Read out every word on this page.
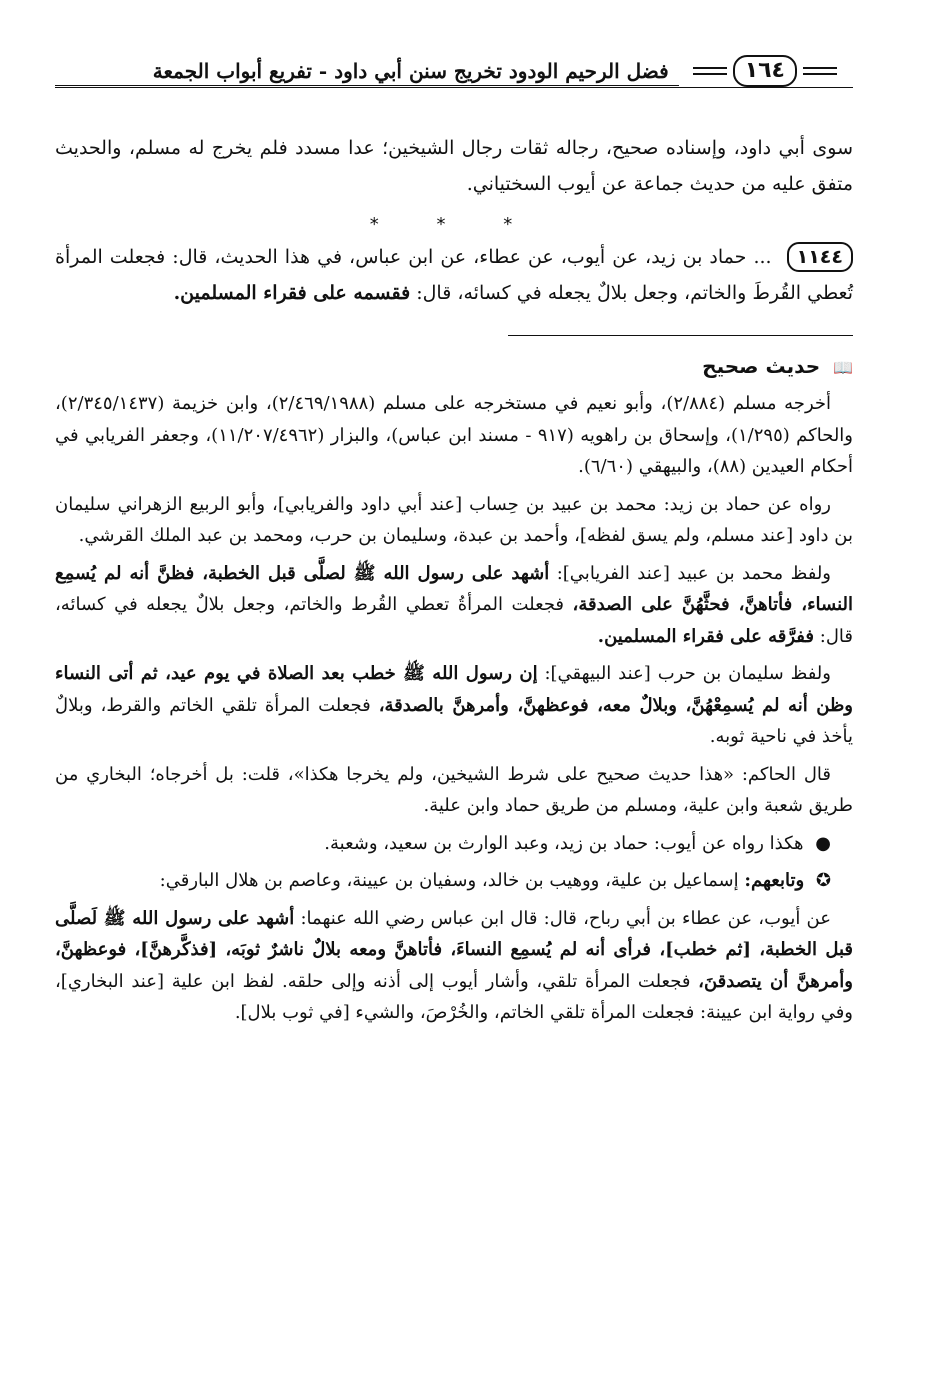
١٦٤
فضل الرحيم الودود تخريج سنن أبي داود - تفريع أبواب الجمعة

سوى أبي داود، وإسناده صحيح، رجاله ثقات رجال الشيخين؛ عدا مسدد فلم يخرج له مسلم، والحديث متفق عليه من حديث جماعة عن أيوب السختياني.

* * *

١١٤٤ ... حماد بن زيد، عن أيوب، عن عطاء، عن ابن عباس، في هذا الحديث، قال: فجعلت المرأة تُعطي القُرطَ والخاتم، وجعل بلالٌ يجعله في كسائه، قال: فقسمه على فقراء المسلمين.

📖 حديث صحيح

أخرجه مسلم (٢/٨٨٤)، وأبو نعيم في مستخرجه على مسلم (٢/٤٦٩/١٩٨٨)، وابن خزيمة (٢/٣٤٥/١٤٣٧)، والحاكم (١/٢٩٥)، وإسحاق بن راهويه (٩١٧ - مسند ابن عباس)، والبزار (١١/٢٠٧/٤٩٦٢)، وجعفر الفريابي في أحكام العيدين (٨٨)، والبيهقي (٦/٦٠).

رواه عن حماد بن زيد: محمد بن عبيد بن حِساب [عند أبي داود والفريابي]، وأبو الربيع الزهراني سليمان بن داود [عند مسلم، ولم يسق لفظه]، وأحمد بن عبدة، وسليمان بن حرب، ومحمد بن عبد الملك القرشي.

ولفظ محمد بن عبيد [عند الفريابي]: أشهد على رسول الله ﷺ لصلَّى قبل الخطبة، فظنَّ أنه لم يُسمِع النساء، فأتاهنَّ، فحثَّهُنَّ على الصدقة، فجعلت المرأةُ تعطي القُرط والخاتم، وجعل بلالٌ يجعله في كسائه، قال: ففرَّقه على فقراء المسلمين.

ولفظ سليمان بن حرب [عند البيهقي]: إن رسول الله ﷺ خطب بعد الصلاة في يوم عيد، ثم أتى النساء وظن أنه لم يُسمِعْهُنَّ، وبلالٌ معه، فوعظهنَّ، وأمرهنَّ بالصدقة، فجعلت المرأة تلقي الخاتم والقرط، وبلالٌ يأخذ في ناحية ثوبه.

قال الحاكم: «هذا حديث صحيح على شرط الشيخين، ولم يخرجا هكذا»، قلت: بل أخرجاه؛ البخاري من طريق شعبة وابن علية، ومسلم من طريق حماد وابن علية.

● هكذا رواه عن أيوب: حماد بن زيد، وعبد الوارث بن سعيد، وشعبة.

✪ وتابعهم: إسماعيل بن علية، ووهيب بن خالد، وسفيان بن عيينة، وعاصم بن هلال البارقي:

عن أيوب، عن عطاء بن أبي رباح، قال: قال ابن عباس رضي الله عنهما: أشهد على رسول الله ﷺ لَصلَّى قبل الخطبة، [ثم خطب]، فرأى أنه لم يُسمِع النساءَ، فأتاهنَّ ومعه بلالٌ ناشرٌ ثوبَه، [فذكَّرهنَّ]، فوعظهنَّ، وأمرهنَّ أن يتصدقنَ، فجعلت المرأة تلقي، وأشار أيوب إلى أذنه وإلى حلقه. لفظ ابن علية [عند البخاري]، وفي رواية ابن عيينة: فجعلت المرأة تلقي الخاتم، والخُرْصَ، والشيء [في ثوب بلال].
